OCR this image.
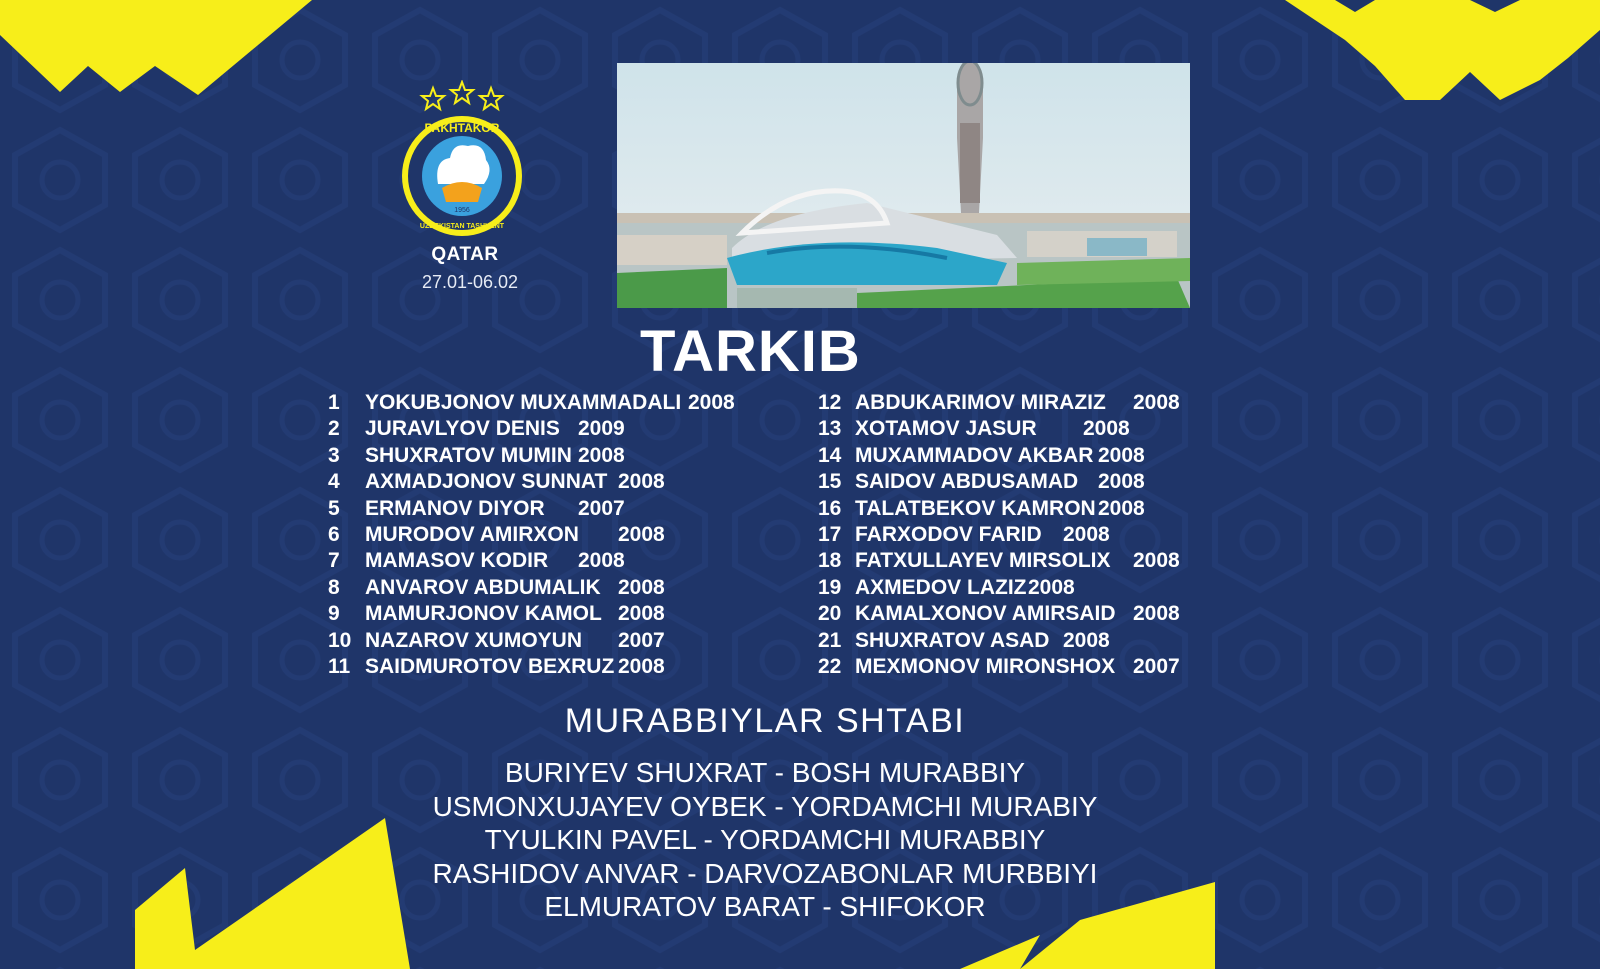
PAKHTAKOR
UZBEKISTAN TASHKENT
1956
QATAR
27.01-06.02
TARKIB
1 YOKUBJONOV MUXAMMADALI 2008
2 JURAVLYOV DENIS 2009
3 SHUXRATOV MUMIN 2008
4 AXMADJONOV SUNNAT 2008
5 ERMANOV DIYOR 2007
6 MURODOV AMIRXON 2008
7 MAMASOV KODIR 2008
8 ANVAROV ABDUMALIK 2008
9 MAMURJONOV KAMOL 2008
10 NAZAROV XUMOYUN 2007
11 SAIDMUROTOV BEXRUZ 2008
12 ABDUKARIMOV MIRAZIZ 2008
13 XOTAMOV JASUR 2008
14 MUXAMMADOV AKBAR 2008
15 SAIDOV ABDUSAMAD 2008
16 TALATBEKOV KAMRON 2008
17 FARXODOV FARID 2008
18 FATXULLAYEV MIRSOLIX 2008
19 AXMEDOV LAZIZ 2008
20 KAMALXONOV AMIRSAID 2008
21 SHUXRATOV ASAD 2008
22 MEXMONOV MIRONSHOX 2007
MURABBIYLAR SHTABI
BURIYEV SHUXRAT - BOSH MURABBIY
USMONXUJAYEV OYBEK - YORDAMCHI MURABIY
TYULKIN PAVEL - YORDAMCHI MURABBIY
RASHIDOV ANVAR - DARVOZABONLAR MURBBIYI
ELMURATOV BARAT - SHIFOKOR
